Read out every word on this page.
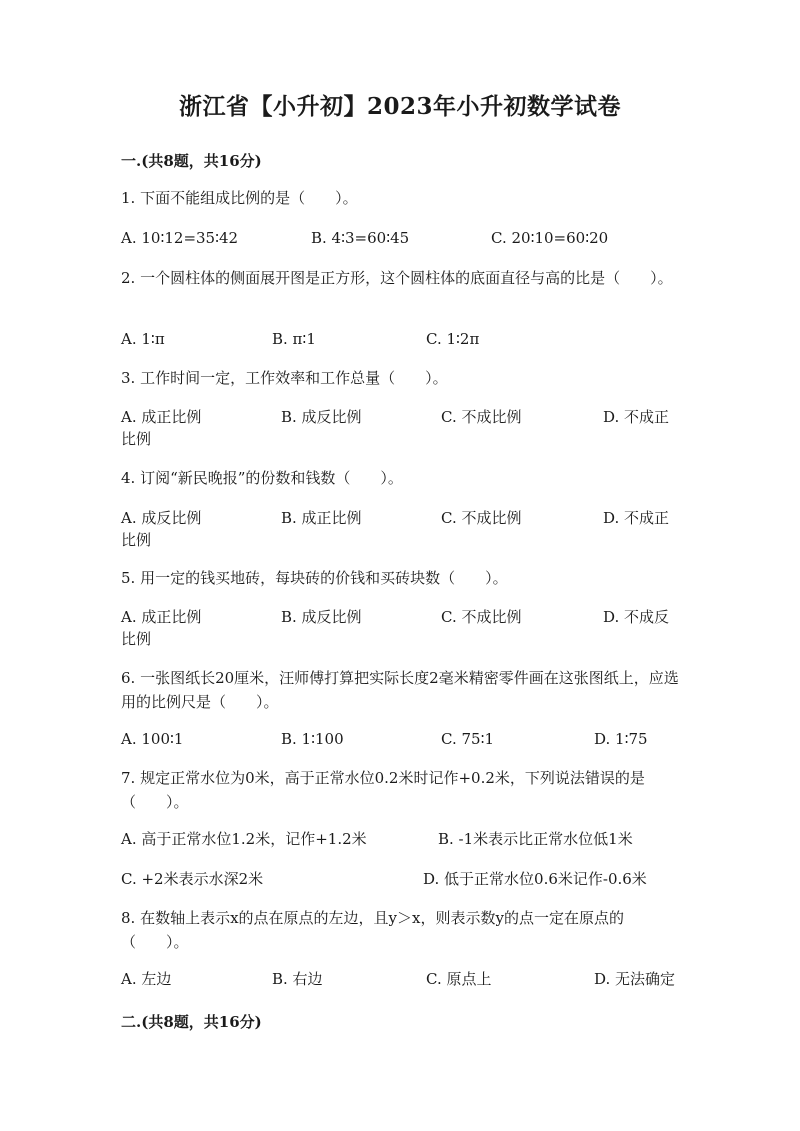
浙江省【小升初】2023年小升初数学试卷
一.(共8题，共16分)
1. 下面不能组成比例的是（　　）。
A. 10∶12=35∶42	B. 4∶3=60∶45	C. 20∶10=60∶20
2. 一个圆柱体的侧面展开图是正方形，这个圆柱体的底面直径与高的比是（　　）。
A. 1∶π	B. π∶1	C. 1∶2π
3. 工作时间一定，工作效率和工作总量（　　）。
A. 成正比例	B. 成反比例	C. 不成比例	D. 不成正
比例
4. 订阅“新民晚报”的份数和钱数（　　）。
A. 成反比例	B. 成正比例	C. 不成比例	D. 不成正
比例
5. 用一定的钱买地砖，每块砖的价钱和买砖块数（　　）。
A. 成正比例	B. 成反比例	C. 不成比例	D. 不成反
比例
6. 一张图纸长20厘米，汪师傅打算把实际长度2毫米精密零件画在这张图纸上，应选用的比例尺是（　　）。
A. 100∶1	B. 1∶100	C. 75∶1	D. 1∶75
7. 规定正常水位为0米，高于正常水位0.2米时记作+0.2米，下列说法错误的是（　　）。
A. 高于正常水位1.2米，记作+1.2米	B. -1米表示比正常水位低1米
C. +2米表示水深2米	D. 低于正常水位0.6米记作-0.6米
8. 在数轴上表示x的点在原点的左边，且y＞x，则表示数y的点一定在原点的（　　）。
A. 左边	B. 右边	C. 原点上	D. 无法确定
二.(共8题，共16分)
